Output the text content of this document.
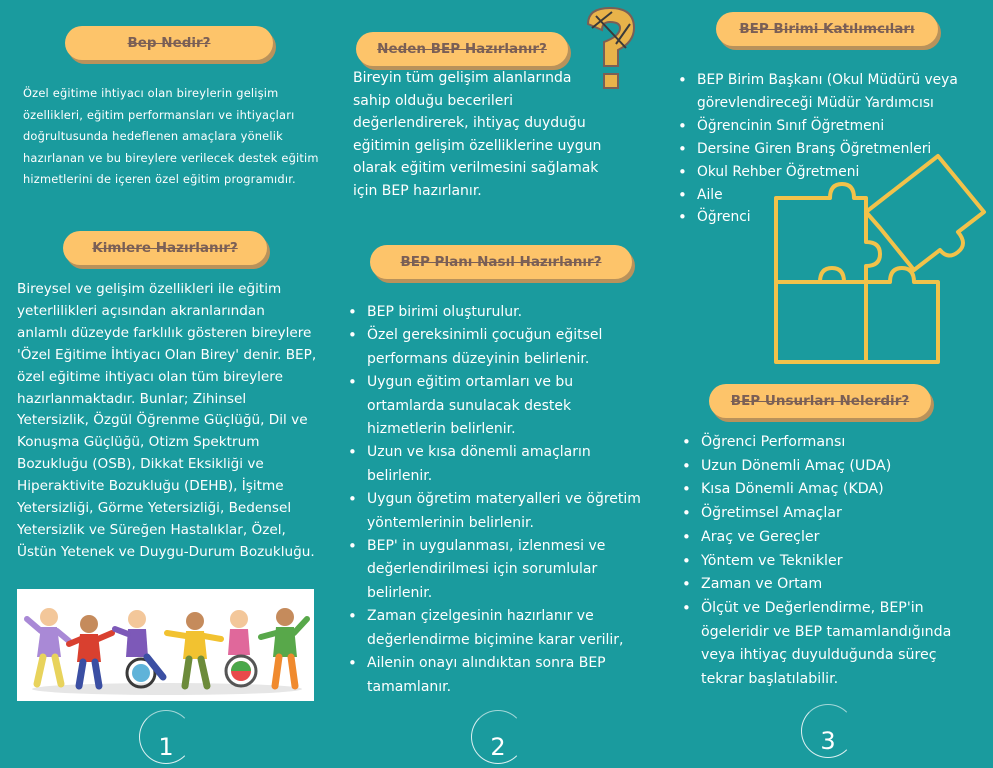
Bep Nedir?
Özel eğitime ihtiyacı olan bireylerin gelişim özellikleri, eğitim performansları ve ihtiyaçları doğrultusunda hedeflenen amaçlara yönelik hazırlanan ve bu bireylere verilecek destek eğitim hizmetlerini de içeren özel eğitim programıdır.
Kimlere Hazırlanır?
Bireysel ve gelişim özellikleri ile eğitim yeterlilikleri açısından akranlarından anlamlı düzeyde farklılık gösteren bireylere 'Özel Eğitime İhtiyacı Olan Birey' denir. BEP, özel eğitime ihtiyacı olan tüm bireylere hazırlanmaktadır. Bunlar; Zihinsel Yetersizlik, Özgül Öğrenme Güçlüğü, Dil ve Konuşma Güçlüğü, Otizm Spektrum Bozukluğu (OSB), Dikkat Eksikliği ve Hiperaktivite Bozukluğu (DEHB), İşitme Yetersizliği, Görme Yetersizliği, Bedensel Yetersizlik ve Süreğen Hastalıklar, Özel, Üstün Yetenek ve Duygu-Durum Bozukluğu.
1
Neden BEP Hazırlanır?
Bireyin tüm gelişim alanlarında sahip olduğu becerileri değerlendirerek, ihtiyaç duyduğu eğitimin gelişim özelliklerine uygun olarak eğitim verilmesini sağlamak için BEP hazırlanır.
BEP Planı Nasıl Hazırlanır?
• BEP birimi oluşturulur.
• Özel gereksinimli çocuğun eğitsel performans düzeyinin belirlenir.
• Uygun eğitim ortamları ve bu ortamlarda sunulacak destek hizmetlerin belirlenir.
• Uzun ve kısa dönemli amaçların belirlenir.
• Uygun öğretim materyalleri ve öğretim yöntemlerinin belirlenir.
• BEP' in uygulanması, izlenmesi ve değerlendirilmesi için sorumlular belirlenir.
• Zaman çizelgesinin hazırlanır ve değerlendirme biçimine karar verilir,
• Ailenin onayı alındıktan sonra BEP tamamlanır.
2
BEP Birimi Katılımcıları
• BEP Birim Başkanı (Okul Müdürü veya görevlendireceği Müdür Yardımcısı
• Öğrencinin Sınıf Öğretmeni
• Dersine Giren Branş Öğretmenleri
• Okul Rehber Öğretmeni
• Aile
• Öğrenci
BEP Unsurları Nelerdir?
• Öğrenci Performansı
• Uzun Dönemli Amaç (UDA)
• Kısa Dönemli Amaç (KDA)
• Öğretimsel Amaçlar
• Araç ve Gereçler
• Yöntem ve Teknikler
• Zaman ve Ortam
• Ölçüt ve Değerlendirme, BEP'in ögeleridir ve BEP tamamlandığında veya ihtiyaç duyulduğunda süreç tekrar başlatılabilir.
3
